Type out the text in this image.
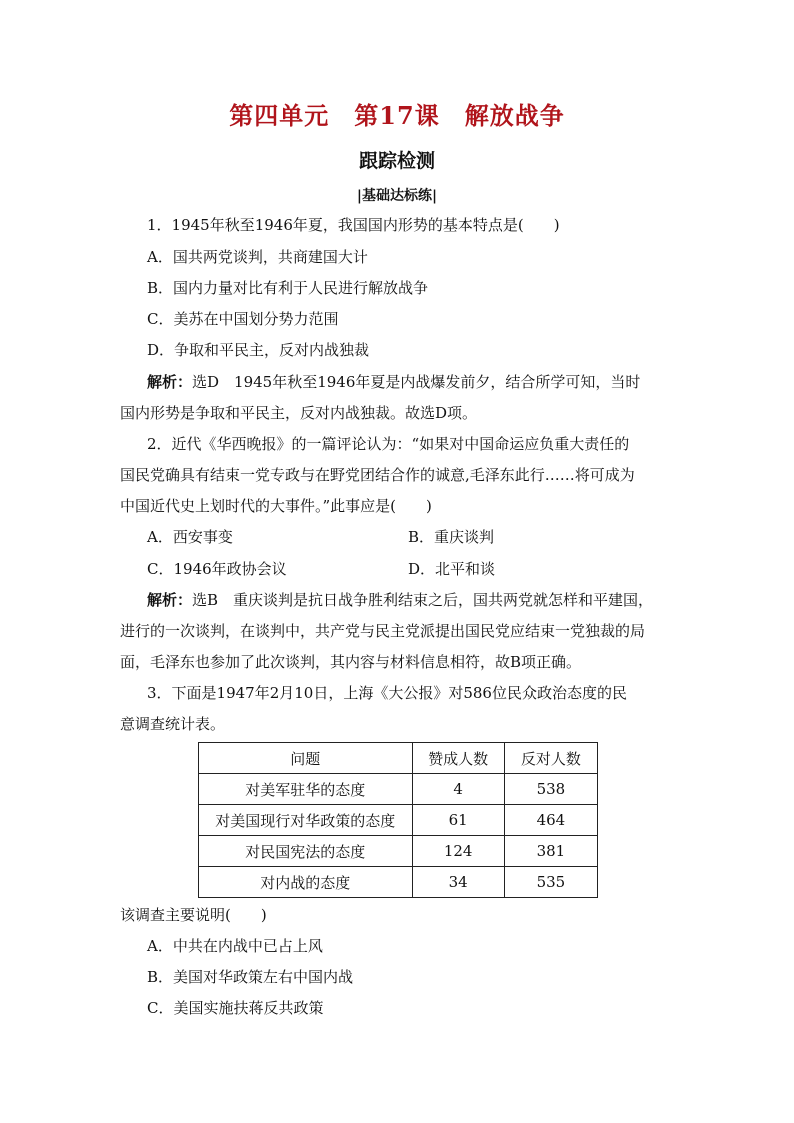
第四单元　第17课　解放战争
跟踪检测
|基础达标练|
1．1945年秋至1946年夏，我国国内形势的基本特点是(　　)
A．国共两党谈判，共商建国大计
B．国内力量对比有利于人民进行解放战争
C．美苏在中国划分势力范围
D．争取和平民主，反对内战独裁
解析：选D　1945年秋至1946年夏是内战爆发前夕，结合所学可知，当时
国内形势是争取和平民主，反对内战独裁。故选D项。
2．近代《华西晚报》的一篇评论认为：“如果对中国命运应负重大责任的
国民党确具有结束一党专政与在野党团结合作的诚意,毛泽东此行……将可成为
中国近代史上划时代的大事件。”此事应是(　　)
A．西安事变	B．重庆谈判
C．1946年政协会议	D．北平和谈
解析：选B　重庆谈判是抗日战争胜利结束之后，国共两党就怎样和平建国，
进行的一次谈判，在谈判中，共产党与民主党派提出国民党应结束一党独裁的局
面，毛泽东也参加了此次谈判，其内容与材料信息相符，故B项正确。
3．下面是1947年2月10日，上海《大公报》对586位民众政治态度的民
意调查统计表。
问题	赞成人数	反对人数
对美军驻华的态度	4	538
对美国现行对华政策的态度	61	464
对民国宪法的态度	124	381
对内战的态度	34	535
该调查主要说明(　　)
A．中共在内战中已占上风
B．美国对华政策左右中国内战
C．美国实施扶蒋反共政策
